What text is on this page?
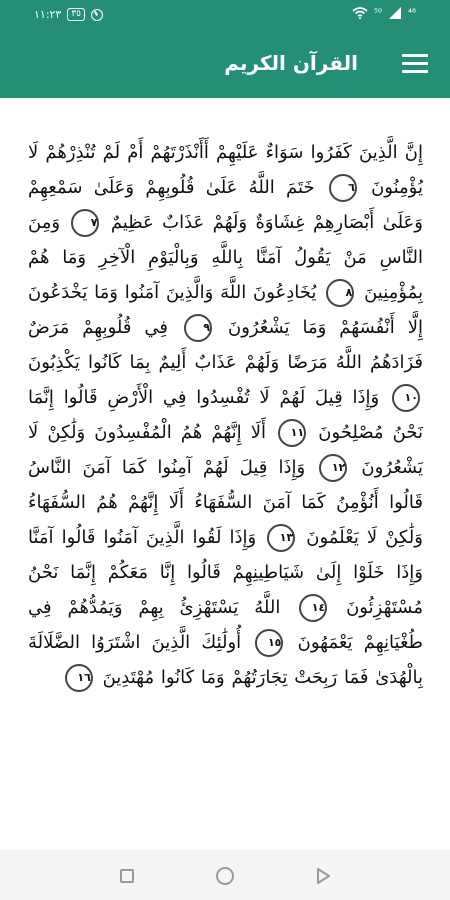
١١:٢٣	٣٥	⁵⁰	⁴⁶
القرآن الكريم
إِنَّ الَّذِينَ كَفَرُوا سَوَاءٌ عَلَيْهِمْ أَأَنْذَرْتَهُمْ أَمْ لَمْ تُنْذِرْهُمْ لَا يُؤْمِنُونَ ٦ خَتَمَ اللَّهُ عَلَىٰ قُلُوبِهِمْ وَعَلَىٰ سَمْعِهِمْ وَعَلَىٰ أَبْصَارِهِمْ غِشَاوَةٌ وَلَهُمْ عَذَابٌ عَظِيمٌ ٧ وَمِنَ النَّاسِ مَنْ يَقُولُ آمَنَّا بِاللَّهِ وَبِالْيَوْمِ الْآخِرِ وَمَا هُمْ بِمُؤْمِنِينَ ٨ يُخَادِعُونَ اللَّهَ وَالَّذِينَ آمَنُوا وَمَا يَخْدَعُونَ إِلَّا أَنْفُسَهُمْ وَمَا يَشْعُرُونَ ٩ فِي قُلُوبِهِمْ مَرَضٌ فَزَادَهُمُ اللَّهُ مَرَضًا وَلَهُمْ عَذَابٌ أَلِيمٌ بِمَا كَانُوا يَكْذِبُونَ ١٠ وَإِذَا قِيلَ لَهُمْ لَا تُفْسِدُوا فِي الْأَرْضِ قَالُوا إِنَّمَا نَحْنُ مُصْلِحُونَ ١١ أَلَا إِنَّهُمْ هُمُ الْمُفْسِدُونَ وَلَٰكِنْ لَا يَشْعُرُونَ ١٢ وَإِذَا قِيلَ لَهُمْ آمِنُوا كَمَا آمَنَ النَّاسُ قَالُوا أَنُؤْمِنُ كَمَا آمَنَ السُّفَهَاءُ أَلَا إِنَّهُمْ هُمُ السُّفَهَاءُ وَلَٰكِنْ لَا يَعْلَمُونَ ١٣ وَإِذَا لَقُوا الَّذِينَ آمَنُوا قَالُوا آمَنَّا وَإِذَا خَلَوْا إِلَىٰ شَيَاطِينِهِمْ قَالُوا إِنَّا مَعَكُمْ إِنَّمَا نَحْنُ مُسْتَهْزِئُونَ ١٤ اللَّهُ يَسْتَهْزِئُ بِهِمْ وَيَمُدُّهُمْ فِي طُغْيَانِهِمْ يَعْمَهُونَ ١٥ أُولَٰئِكَ الَّذِينَ اشْتَرَوُا الضَّلَالَةَ بِالْهُدَىٰ فَمَا رَبِحَتْ تِجَارَتُهُمْ وَمَا كَانُوا مُهْتَدِينَ ١٦
